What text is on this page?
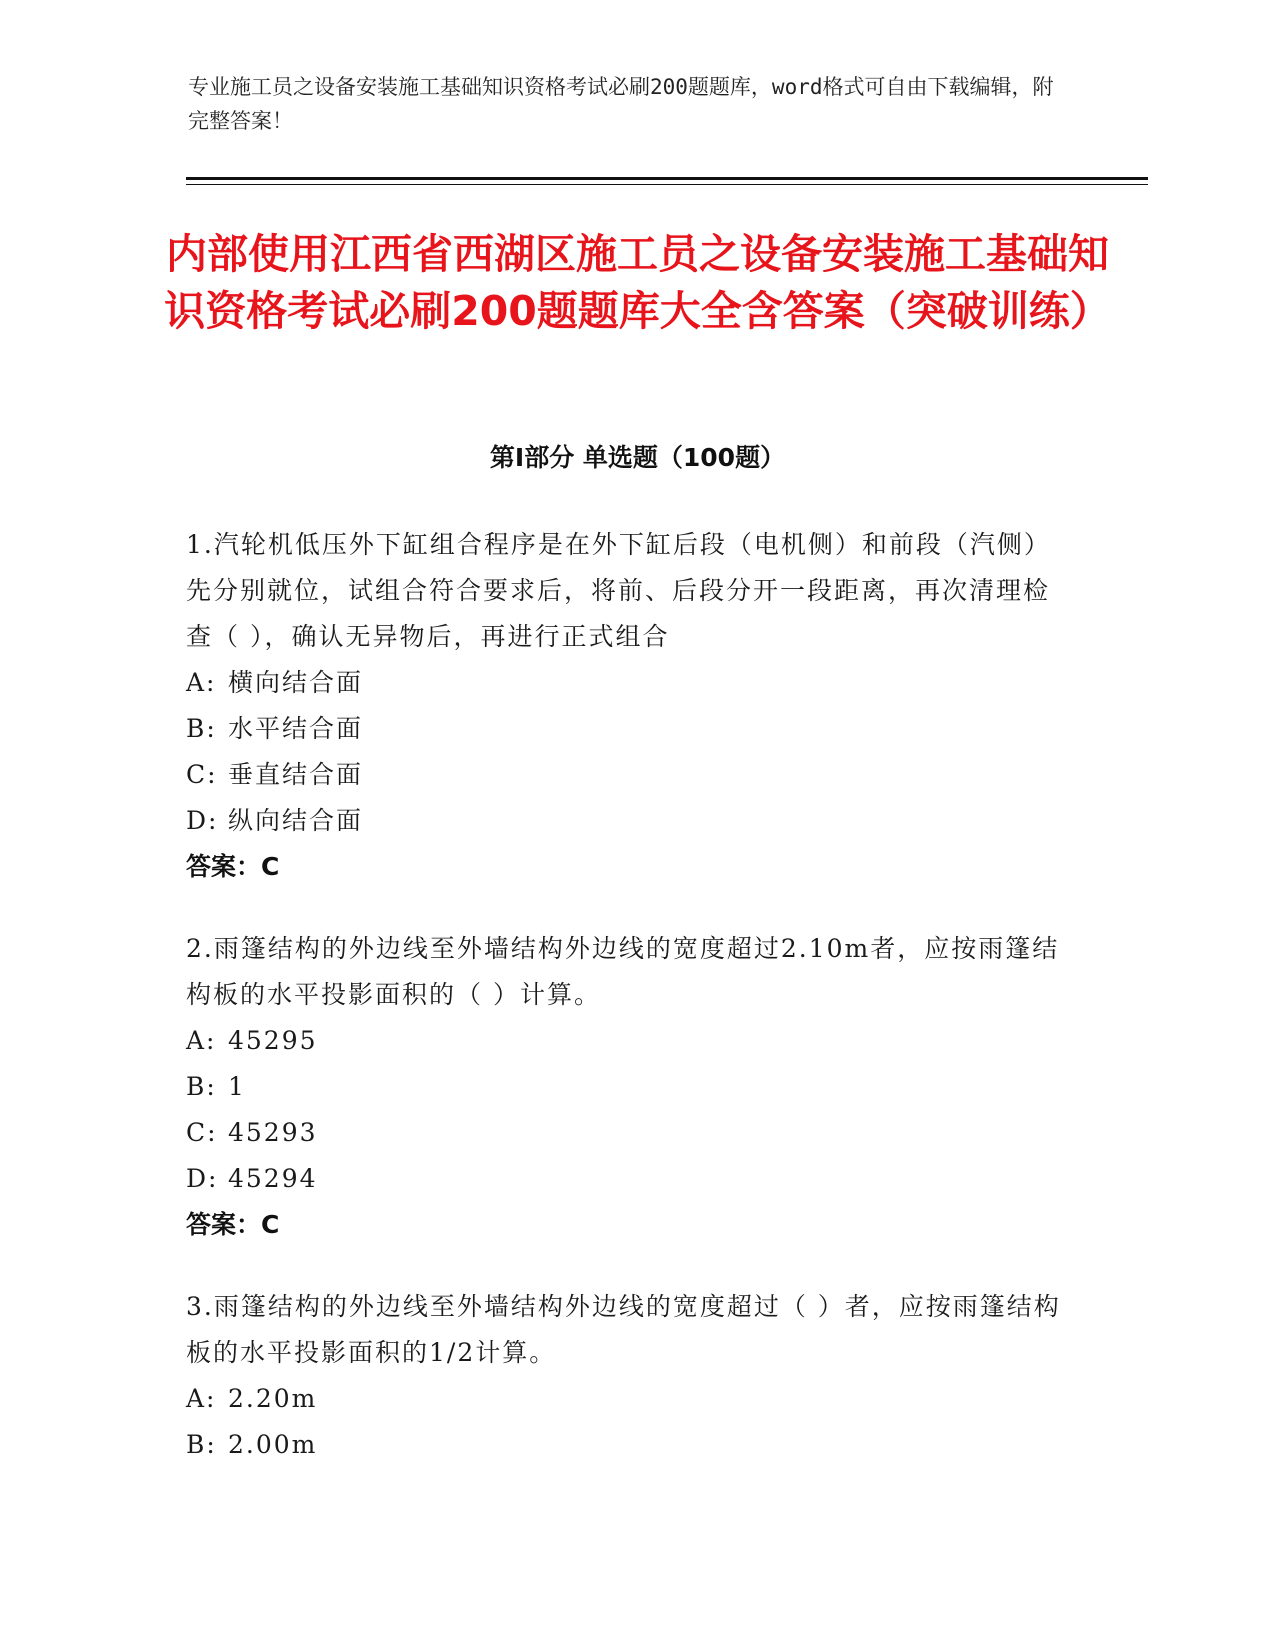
专业施工员之设备安装施工基础知识资格考试必刷200题题库，word格式可自由下载编辑，附完整答案！
内部使用江西省西湖区施工员之设备安装施工基础知识资格考试必刷200题题库大全含答案（突破训练）
第Ⅰ部分 单选题（100题）

1.汽轮机低压外下缸组合程序是在外下缸后段（电机侧）和前段（汽侧）先分别就位，试组合符合要求后，将前、后段分开一段距离，再次清理检查（ ），确认无异物后，再进行正式组合

A: 横向结合面
B: 水平结合面
C: 垂直结合面
D: 纵向结合面
答案：C

2.雨篷结构的外边线至外墙结构外边线的宽度超过2.10m者，应按雨篷结构板的水平投影面积的（ ）计算。

A: 45295
B: 1
C: 45293
D: 45294
答案：C

3.雨篷结构的外边线至外墙结构外边线的宽度超过（ ）者，应按雨篷结构板的水平投影面积的1/2计算。

A: 2.20m
B: 2.00m
